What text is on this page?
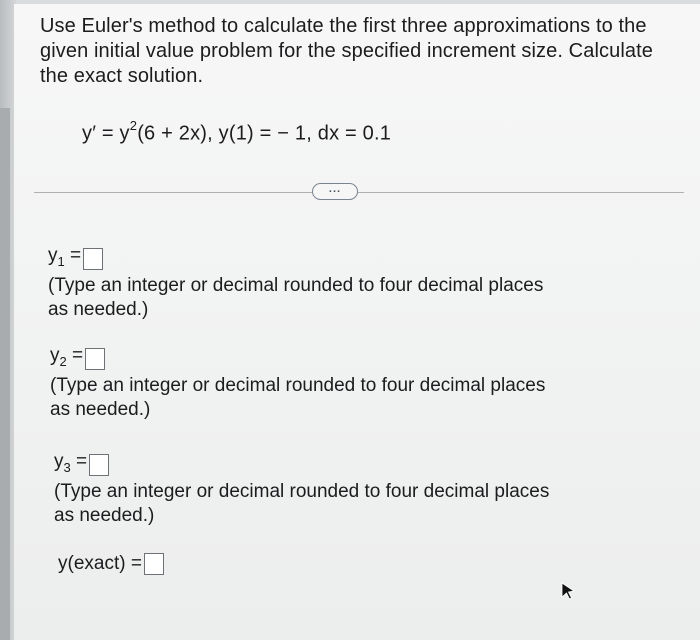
Use Euler's method to calculate the first three approximations to the given initial value problem for the specified increment size. Calculate the exact solution.
$y' = y^2(6 + 2x)$, y(1) = − 1, dx = 0.1
...
$y_1$ =
(Type an integer or decimal rounded to four decimal places
as needed.)
$y_2$ =
(Type an integer or decimal rounded to four decimal places
as needed.)
$y_3$ =
(Type an integer or decimal rounded to four decimal places
as needed.)
y(exact) =
